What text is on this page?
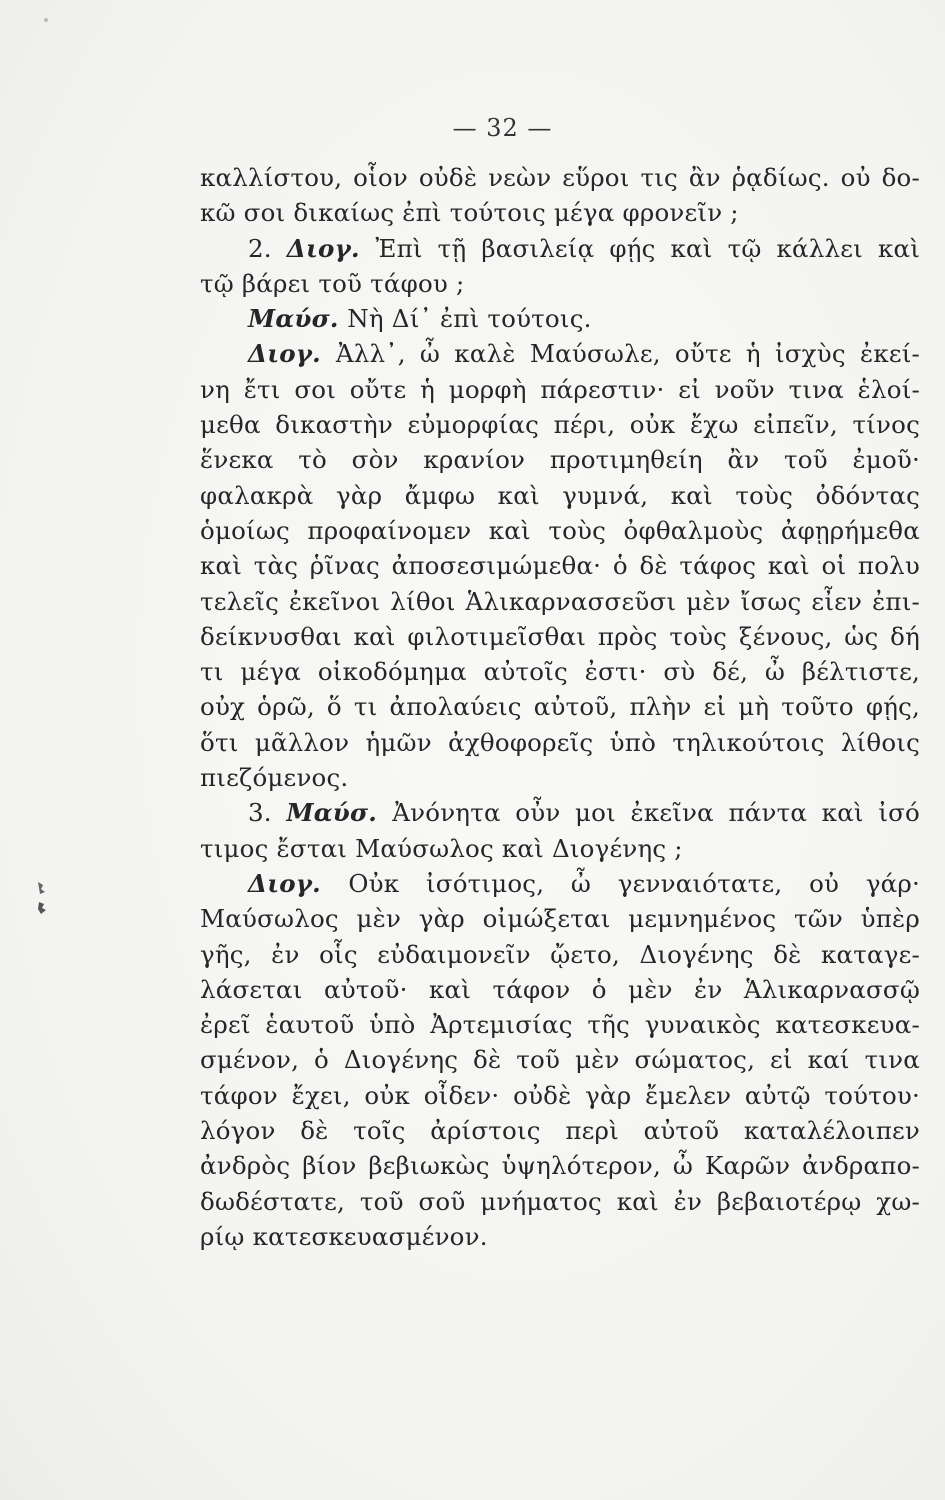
— 32 —
καλλίστου, οἷον οὐδὲ νεὼν εὕροι τις ἂν ῥᾳδίως. οὐ δο-
κῶ σοι δικαίως ἐπὶ τούτοις μέγα φρονεῖν ;
2. Διογ. Ἐπὶ τῇ βασιλείᾳ φῄς καὶ τῷ κάλλει καὶ
τῷ βάρει τοῦ τάφου ;
Μαύσ. Νὴ Δί᾽ ἐπὶ τούτοις.
Διογ. Ἀλλ᾽, ὦ καλὲ Μαύσωλε, οὔτε ἡ ἰσχὺς ἐκεί-
νη ἔτι σοι οὔτε ἡ μορφὴ πάρεστιν· εἰ νοῦν τινα ἑλοί-
μεθα δικαστὴν εὐμορφίας πέρι, οὐκ ἔχω εἰπεῖν, τίνος
ἕνεκα τὸ σὸν κρανίον προτιμηθείη ἂν τοῦ ἐμοῦ·
φαλακρὰ γὰρ ἄμφω καὶ γυμνά, καὶ τοὺς ὀδόντας
ὁμοίως προφαίνομεν καὶ τοὺς ὀφθαλμοὺς ἀφῃρήμεθα
καὶ τὰς ῥῖνας ἀποσεσιμώμεθα· ὁ δὲ τάφος καὶ οἱ πολυ
τελεῖς ἐκεῖνοι λίθοι Ἁλικαρνασσεῦσι μὲν ἴσως εἶεν ἐπι-
δείκνυσθαι καὶ φιλοτιμεῖσθαι πρὸς τοὺς ξένους, ὡς δή
τι μέγα οἰκοδόμημα αὐτοῖς ἐστι· σὺ δέ, ὦ βέλτιστε,
οὐχ ὁρῶ, ὅ τι ἀπολαύεις αὐτοῦ, πλὴν εἰ μὴ τοῦτο φῄς,
ὅτι μᾶλλον ἡμῶν ἀχθοφορεῖς ὑπὸ τηλικούτοις λίθοις
πιεζόμενος.
3. Μαύσ. Ἀνόνητα οὖν μοι ἐκεῖνα πάντα καὶ ἰσό
τιμος ἔσται Μαύσωλος καὶ Διογένης ;
Διογ. Οὐκ ἰσότιμος, ὦ γενναιότατε, οὐ γάρ·
Μαύσωλος μὲν γὰρ οἰμώξεται μεμνημένος τῶν ὑπὲρ
γῆς, ἐν οἷς εὐδαιμονεῖν ᾤετο, Διογένης δὲ καταγε-
λάσεται αὐτοῦ· καὶ τάφον ὁ μὲν ἐν Ἁλικαρνασσῷ
ἐρεῖ ἑαυτοῦ ὑπὸ Ἀρτεμισίας τῆς γυναικὸς κατεσκευα-
σμένον, ὁ Διογένης δὲ τοῦ μὲν σώματος, εἰ καί τινα
τάφον ἔχει, οὐκ οἶδεν· οὐδὲ γὰρ ἔμελεν αὐτῷ τούτου·
λόγον δὲ τοῖς ἀρίστοις περὶ αὐτοῦ καταλέλοιπεν
ἀνδρὸς βίον βεβιωκὼς ὑψηλότερον, ὦ Καρῶν ἀνδραπο-
δωδέστατε, τοῦ σοῦ μνήματος καὶ ἐν βεβαιοτέρῳ χω-
ρίῳ κατεσκευασμένον.
